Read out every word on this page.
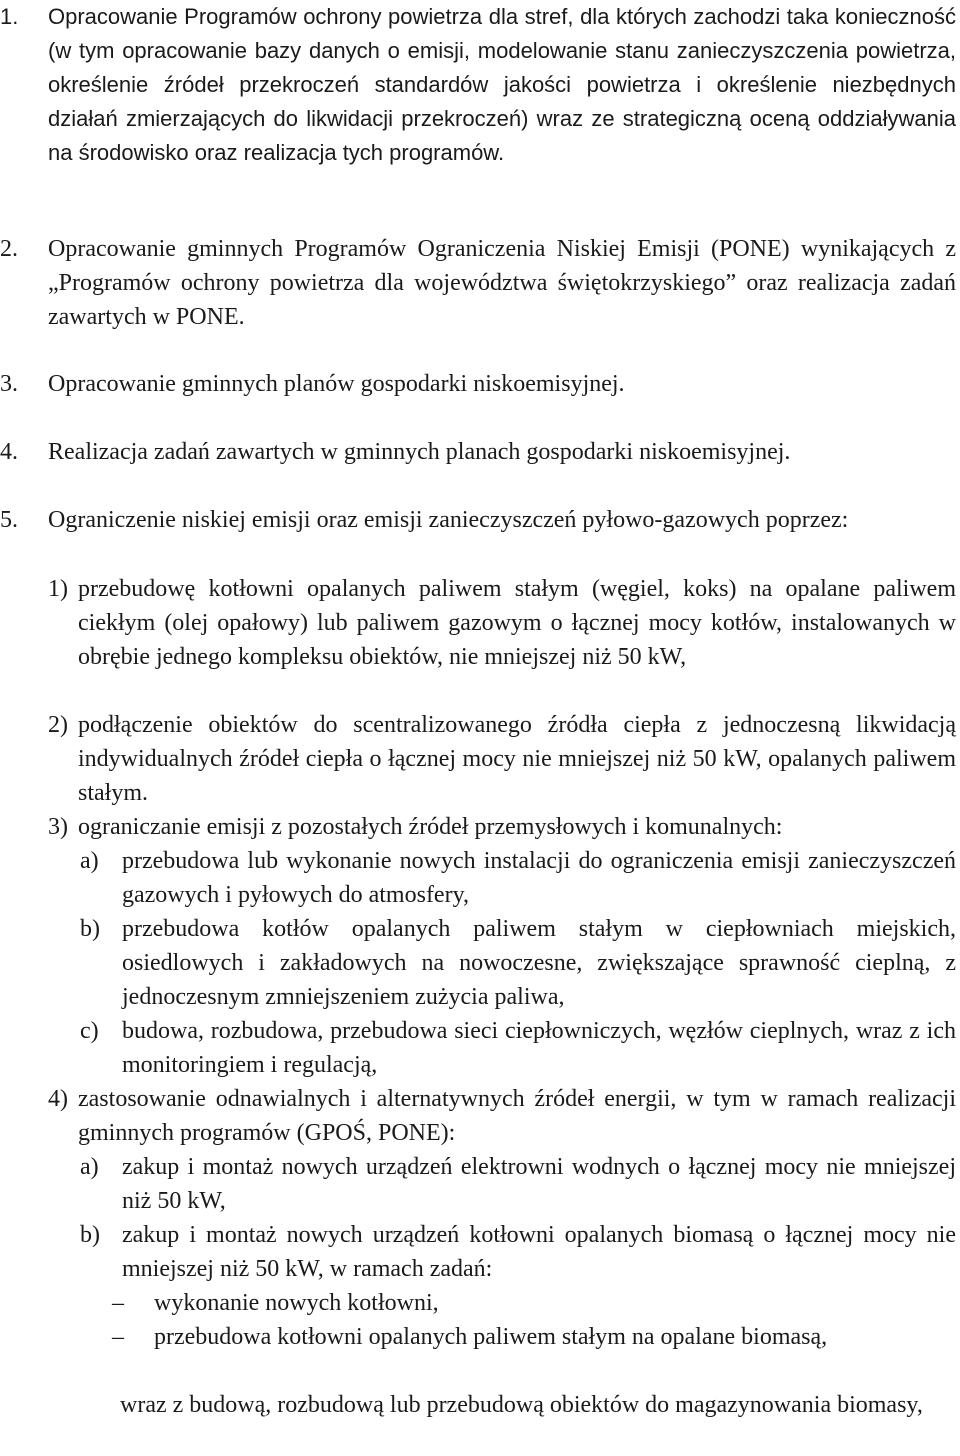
1.	Opracowanie Programów ochrony powietrza dla stref, dla których zachodzi taka konieczność (w tym opracowanie bazy danych o emisji, modelowanie stanu zanieczyszczenia powietrza, określenie źródeł przekroczeń standardów jakości powietrza i określenie niezbędnych działań zmierzających do likwidacji przekroczeń) wraz ze strategiczną oceną oddziaływania na środowisko oraz realizacja tych programów.
2.	Opracowanie gminnych Programów Ograniczenia Niskiej Emisji (PONE) wynikających z „Programów ochrony powietrza dla województwa świętokrzyskiego” oraz realizacja zadań zawartych w PONE.
3.	Opracowanie gminnych planów gospodarki niskoemisyjnej.
4.	Realizacja zadań zawartych w gminnych planach gospodarki niskoemisyjnej.
5.	Ograniczenie niskiej emisji oraz emisji zanieczyszczeń pyłowo-gazowych poprzez:
1) przebudowę kotłowni opalanych paliwem stałym (węgiel, koks) na opalane paliwem ciekłym (olej opałowy) lub paliwem gazowym o łącznej mocy kotłów, instalowanych w obrębie jednego kompleksu obiektów, nie mniejszej niż 50 kW,
2) podłączenie obiektów do scentralizowanego źródła ciepła z jednoczesną likwidacją indywidualnych źródeł ciepła o łącznej mocy nie mniejszej niż 50 kW, opalanych paliwem stałym.
3) ograniczanie emisji z pozostałych źródeł przemysłowych i komunalnych:
a) przebudowa lub wykonanie nowych instalacji do ograniczenia emisji zanieczyszczeń gazowych i pyłowych do atmosfery,
b) przebudowa kotłów opalanych paliwem stałym w ciepłowniach miejskich, osiedlowych i zakładowych na nowoczesne, zwiększające sprawność cieplną, z jednoczesnym zmniejszeniem zużycia paliwa,
c) budowa, rozbudowa, przebudowa sieci ciepłowniczych, węzłów cieplnych, wraz z ich monitoringiem i regulacją,
4) zastosowanie odnawialnych i alternatywnych źródeł energii, w tym w ramach realizacji gminnych programów (GPOŚ, PONE):
a) zakup i montaż nowych urządzeń elektrowni wodnych o łącznej mocy nie mniejszej niż 50 kW,
b) zakup i montaż nowych urządzeń kotłowni opalanych biomasą o łącznej mocy nie mniejszej niż 50 kW, w ramach zadań:
–	wykonanie nowych kotłowni,
–	przebudowa kotłowni opalanych paliwem stałym na opalane biomasą,

wraz z budową, rozbudową lub przebudową obiektów do magazynowania biomasy,
